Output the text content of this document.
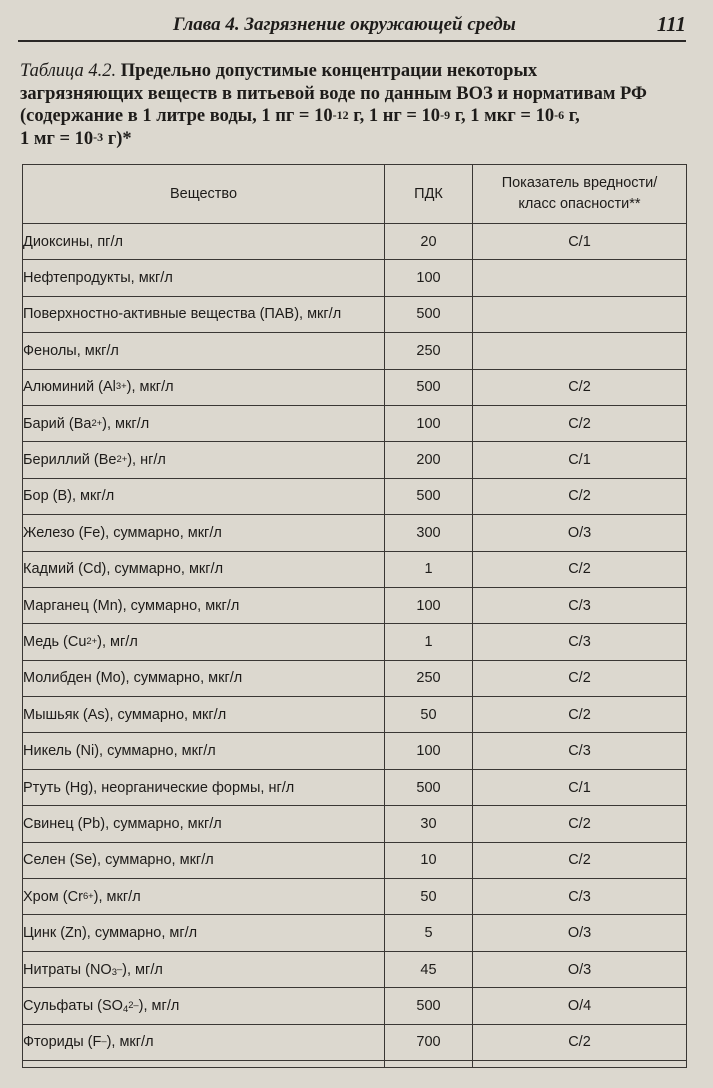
Глава 4. Загрязнение окружающей среды	111
Таблица 4.2. Предельно допустимые концентрации некоторых
загрязняющих веществ в питьевой воде по данным ВОЗ и нормативам РФ
(содержание в 1 литре воды, 1 пг = $10^{-12}$ г, 1 нг = $10^{-9}$ г, 1 мкг = $10^{-6}$ г,
1 мг = $10^{-3}$ г)*
Вещество	ПДК	Показатель вредности/
класс опасности**
Диоксины, пг/л	20	С/1
Нефтепродукты, мкг/л	100	
Поверхностно-активные вещества (ПАВ), мкг/л	500	
Фенолы, мкг/л	250	
Алюминий $(Al^{3+})$, мкг/л	500	С/2
Барий $(Ba^{2+})$, мкг/л	100	С/2
Бериллий $(Be^{2+})$, нг/л	200	С/1
Бор (B), мкг/л	500	С/2
Железо (Fe), суммарно, мкг/л	300	О/3
Кадмий (Cd), суммарно, мкг/л	1	С/2
Марганец (Mn), суммарно, мкг/л	100	С/3
Медь $(Cu^{2+})$, мг/л	1	С/3
Молибден (Mo), суммарно, мкг/л	250	С/2
Мышьяк (As), суммарно, мкг/л	50	С/2
Никель (Ni), суммарно, мкг/л	100	С/3
Ртуть (Hg), неорганические формы, нг/л	500	С/1
Свинец (Pb), суммарно, мкг/л	30	С/2
Селен (Se), суммарно, мкг/л	10	С/2
Хром $(Cr^{6+})$, мкг/л	50	С/3
Цинк (Zn), суммарно, мг/л	5	О/3
Нитраты $(NO_3^-)$, мг/л	45	О/3
Сульфаты $(SO_4^{2-})$, мг/л	500	О/4
Фториды (F–), мкг/л	700	С/2
